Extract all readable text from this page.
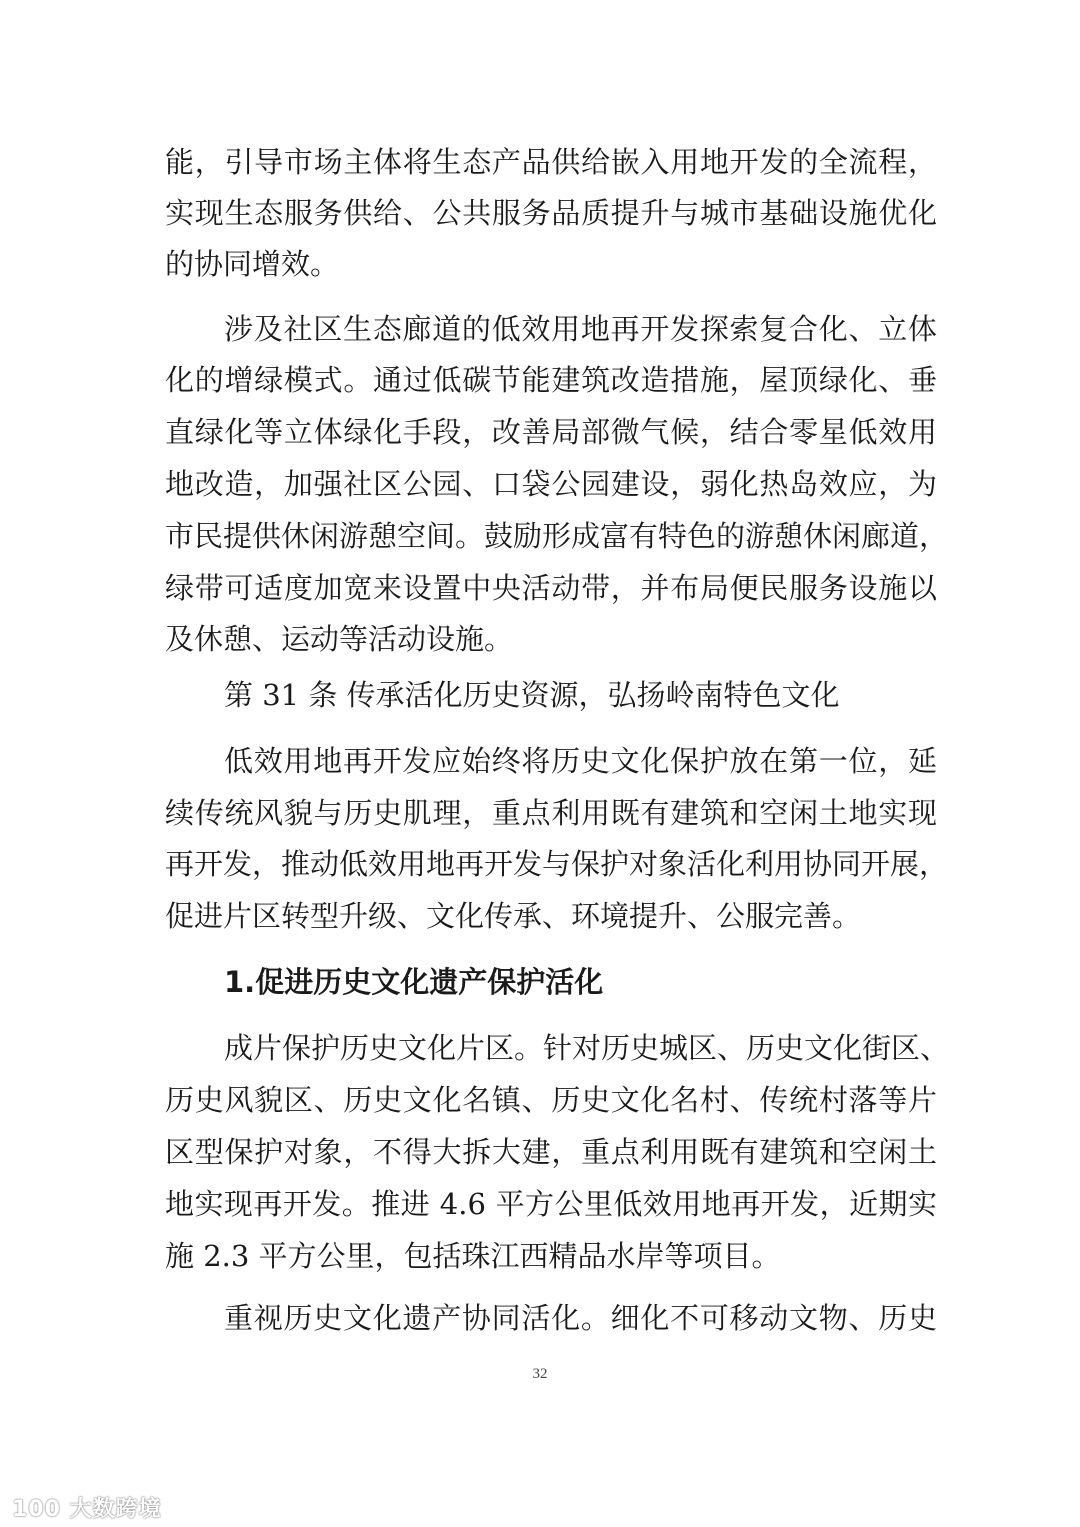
能，引导市场主体将生态产品供给嵌入用地开发的全流程，
实现生态服务供给、公共服务品质提升与城市基础设施优化
的协同增效。
涉及社区生态廊道的低效用地再开发探索复合化、立体
化的增绿模式。通过低碳节能建筑改造措施，屋顶绿化、垂
直绿化等立体绿化手段，改善局部微气候，结合零星低效用
地改造，加强社区公园、口袋公园建设，弱化热岛效应，为
市民提供休闲游憩空间。鼓励形成富有特色的游憩休闲廊道，
绿带可适度加宽来设置中央活动带，并布局便民服务设施以
及休憩、运动等活动设施。
第 31 条 传承活化历史资源，弘扬岭南特色文化
低效用地再开发应始终将历史文化保护放在第一位，延
续传统风貌与历史肌理，重点利用既有建筑和空闲土地实现
再开发，推动低效用地再开发与保护对象活化利用协同开展，
促进片区转型升级、文化传承、环境提升、公服完善。
1.促进历史文化遗产保护活化
成片保护历史文化片区。针对历史城区、历史文化街区、
历史风貌区、历史文化名镇、历史文化名村、传统村落等片
区型保护对象，不得大拆大建，重点利用既有建筑和空闲土
地实现再开发。推进 4.6 平方公里低效用地再开发，近期实
施 2.3 平方公里，包括珠江西精品水岸等项目。
重视历史文化遗产协同活化。细化不可移动文物、历史
32
100 大数跨境
